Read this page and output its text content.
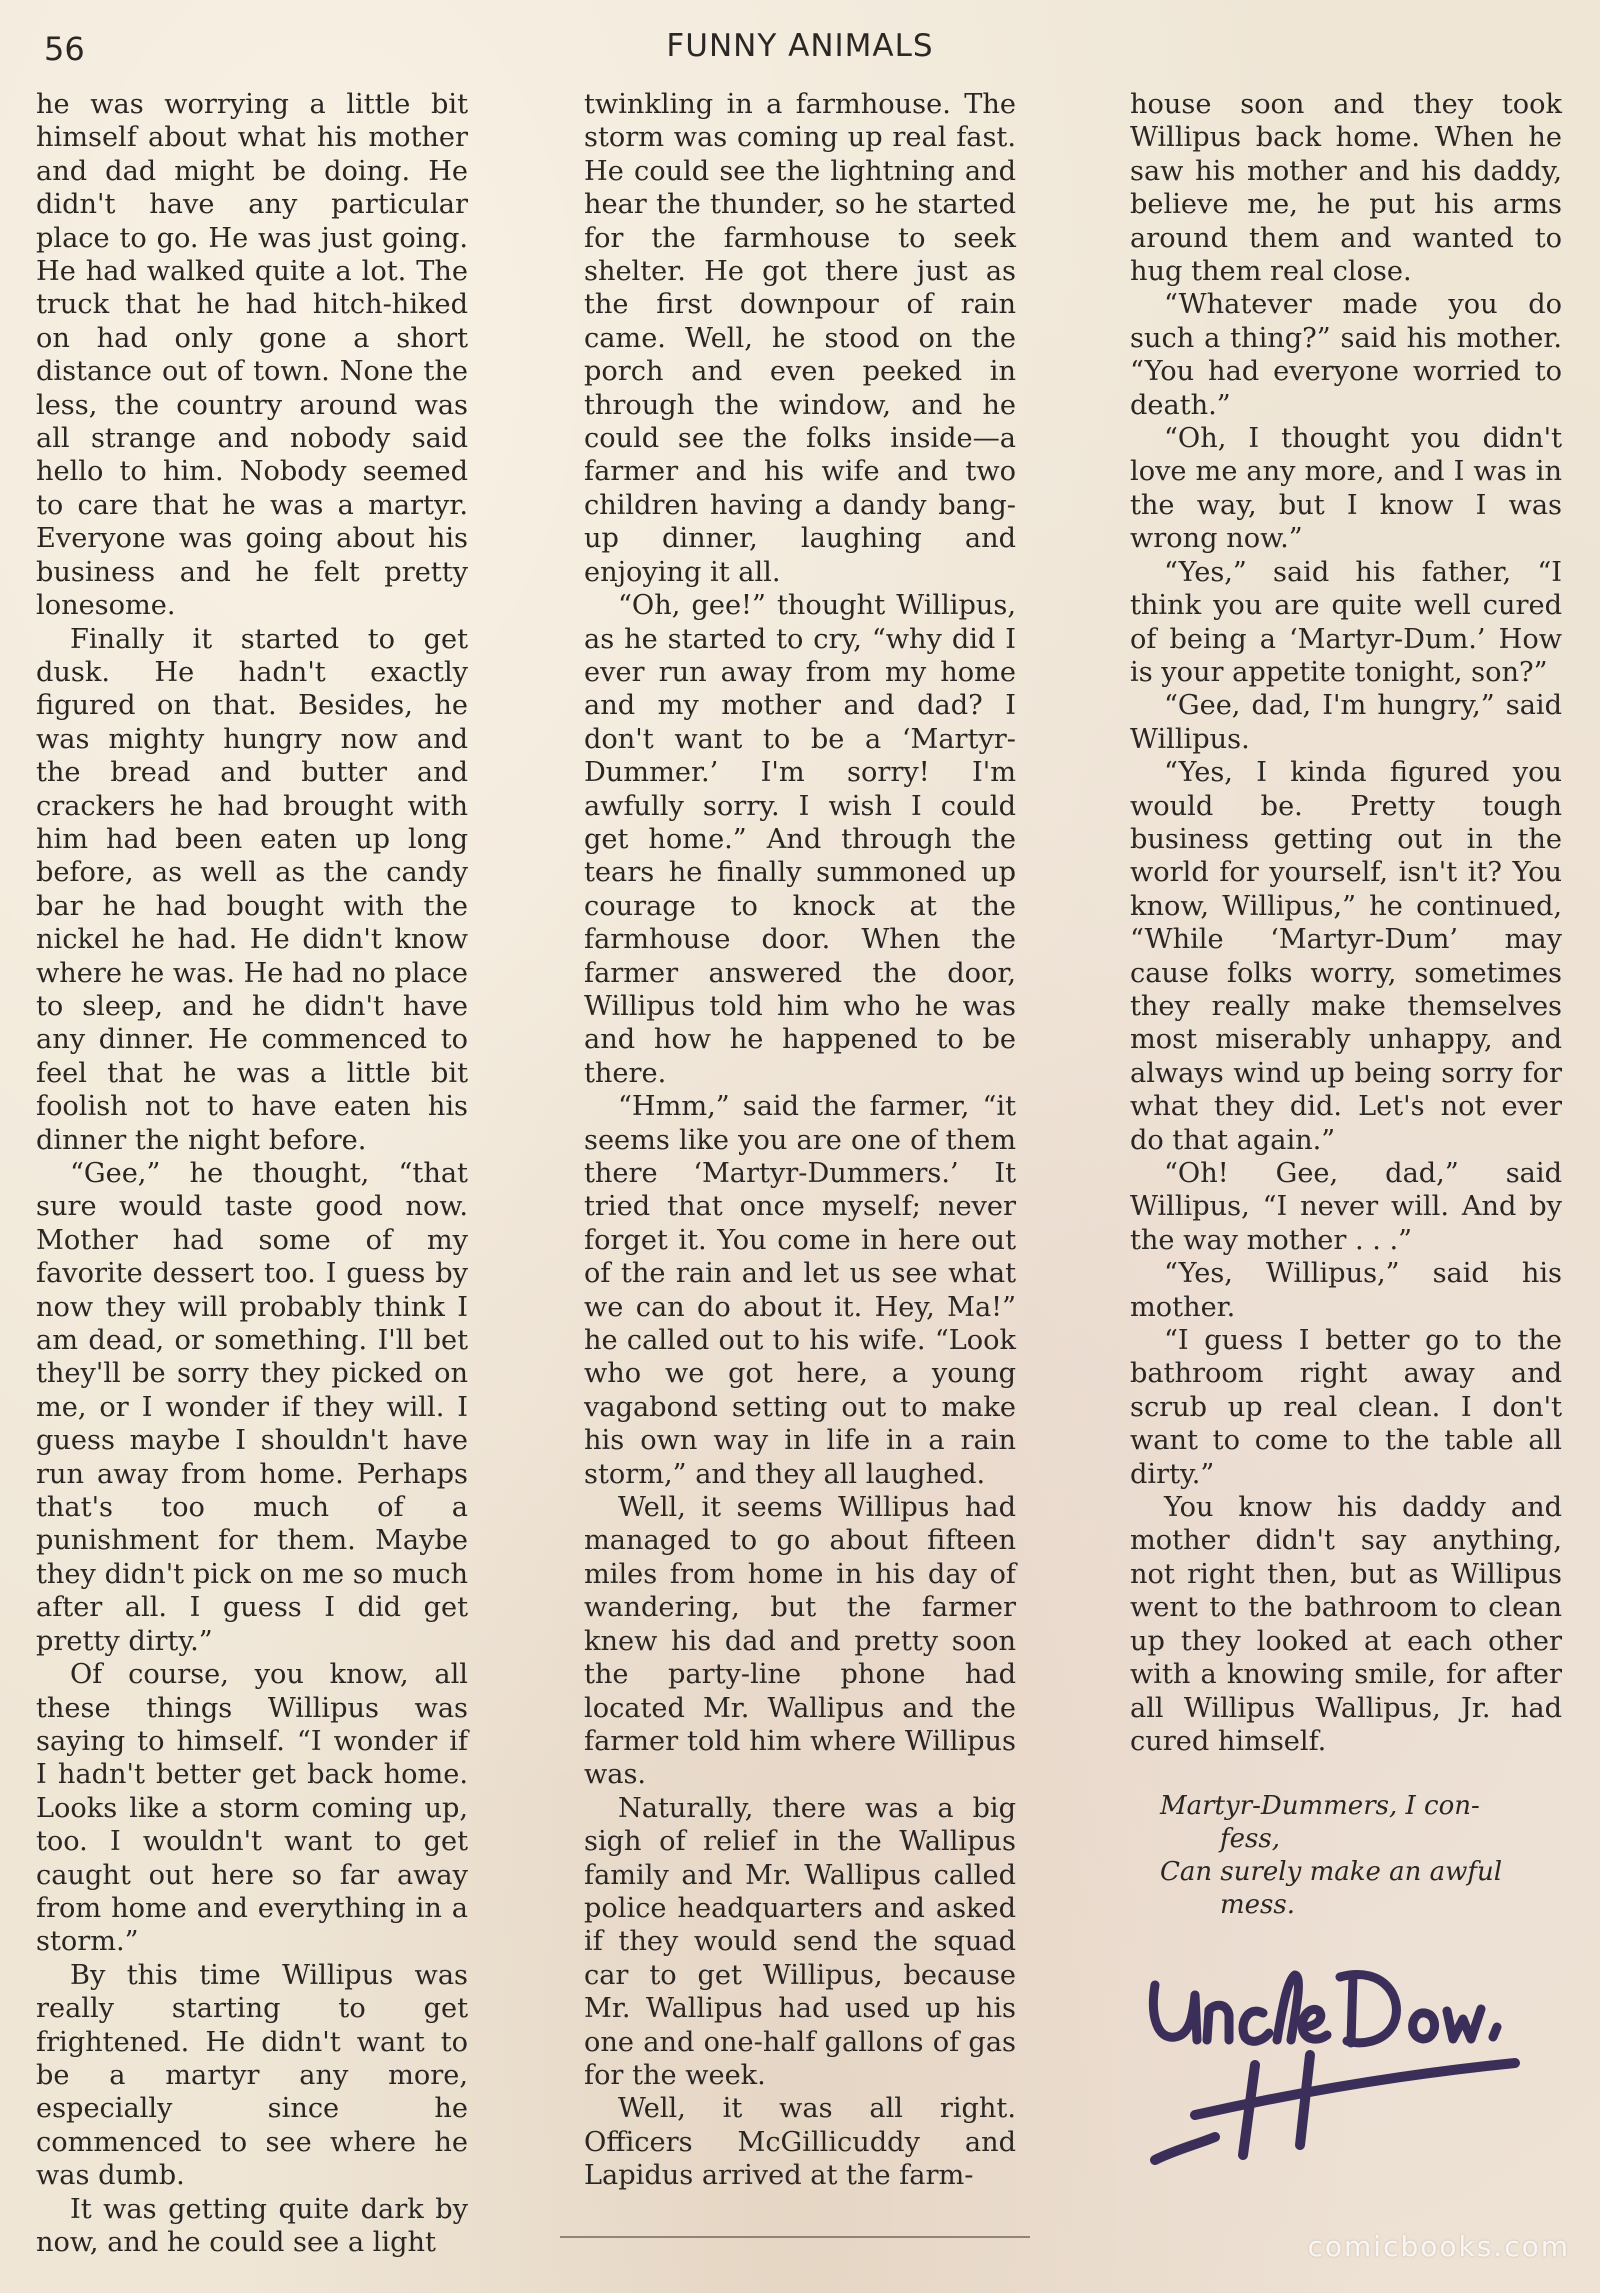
56	FUNNY ANIMALS

he was worrying a little bit himself about what his mother and dad might be doing. He didn't have any particular place to go. He was just going. He had walked quite a lot. The truck that he had hitch-hiked on had only gone a short distance out of town. None the less, the country around was all strange and nobody said hello to him. Nobody seemed to care that he was a martyr. Everyone was going about his business and he felt pretty lonesome.

Finally it started to get dusk. He hadn't exactly figured on that. Besides, he was mighty hungry now and the bread and butter and crackers he had brought with him had been eaten up long before, as well as the candy bar he had bought with the nickel he had. He didn't know where he was. He had no place to sleep, and he didn't have any dinner. He commenced to feel that he was a little bit foolish not to have eaten his dinner the night before.

“Gee,” he thought, “that sure would taste good now. Mother had some of my favorite dessert too. I guess by now they will probably think I am dead, or something. I'll bet they'll be sorry they picked on me, or I wonder if they will. I guess maybe I shouldn't have run away from home. Perhaps that's too much of a punishment for them. Maybe they didn't pick on me so much after all. I guess I did get pretty dirty.”

Of course, you know, all these things Willipus was saying to himself. “I wonder if I hadn't better get back home. Looks like a storm coming up, too. I wouldn't want to get caught out here so far away from home and everything in a storm.”

By this time Willipus was really starting to get frightened. He didn't want to be a martyr any more, especially since he commenced to see where he was dumb.

It was getting quite dark by now, and he could see a light

twinkling in a farmhouse. The storm was coming up real fast. He could see the lightning and hear the thunder, so he started for the farmhouse to seek shelter. He got there just as the first downpour of rain came. Well, he stood on the porch and even peeked in through the window, and he could see the folks inside—a farmer and his wife and two children having a dandy bang-up dinner, laughing and enjoying it all.

“Oh, gee!” thought Willipus, as he started to cry, “why did I ever run away from my home and my mother and dad? I don't want to be a ‘Martyr-Dummer.’ I'm sorry! I'm awfully sorry. I wish I could get home.” And through the tears he finally summoned up courage to knock at the farmhouse door. When the farmer answered the door, Willipus told him who he was and how he happened to be there.

“Hmm,” said the farmer, “it seems like you are one of them there ‘Martyr-Dummers.’ It tried that once myself; never forget it. You come in here out of the rain and let us see what we can do about it. Hey, Ma!” he called out to his wife. “Look who we got here, a young vagabond setting out to make his own way in life in a rain storm,” and they all laughed.

Well, it seems Willipus had managed to go about fifteen miles from home in his day of wandering, but the farmer knew his dad and pretty soon the party-line phone had located Mr. Wallipus and the farmer told him where Willipus was.

Naturally, there was a big sigh of relief in the Wallipus family and Mr. Wallipus called police headquarters and asked if they would send the squad car to get Willipus, because Mr. Wallipus had used up his one and one-half gallons of gas for the week.

Well, it was all right. Officers McGillicuddy and Lapidus arrived at the farm-

house soon and they took Willipus back home. When he saw his mother and his daddy, believe me, he put his arms around them and wanted to hug them real close.

“Whatever made you do such a thing?” said his mother. “You had everyone worried to death.”

“Oh, I thought you didn't love me any more, and I was in the way, but I know I was wrong now.”

“Yes,” said his father, “I think you are quite well cured of being a ‘Martyr-Dum.’ How is your appetite tonight, son?”

“Gee, dad, I'm hungry,” said Willipus.

“Yes, I kinda figured you would be. Pretty tough business getting out in the world for yourself, isn't it? You know, Willipus,” he continued, “While ‘Martyr-Dum’ may cause folks worry, sometimes they really make themselves most miserably unhappy, and always wind up being sorry for what they did. Let's not ever do that again.”

“Oh! Gee, dad,” said Willipus, “I never will. And by the way mother . . .”

“Yes, Willipus,” said his mother.

“I guess I better go to the bathroom right away and scrub up real clean. I don't want to come to the table all dirty.”

You know his daddy and mother didn't say anything, not right then, but as Willipus went to the bathroom to clean up they looked at each other with a knowing smile, for after all Willipus Wallipus, Jr. had cured himself.

Martyr-Dummers, I con-
fess,
Can surely make an awful
mess.
comicbooks.com
